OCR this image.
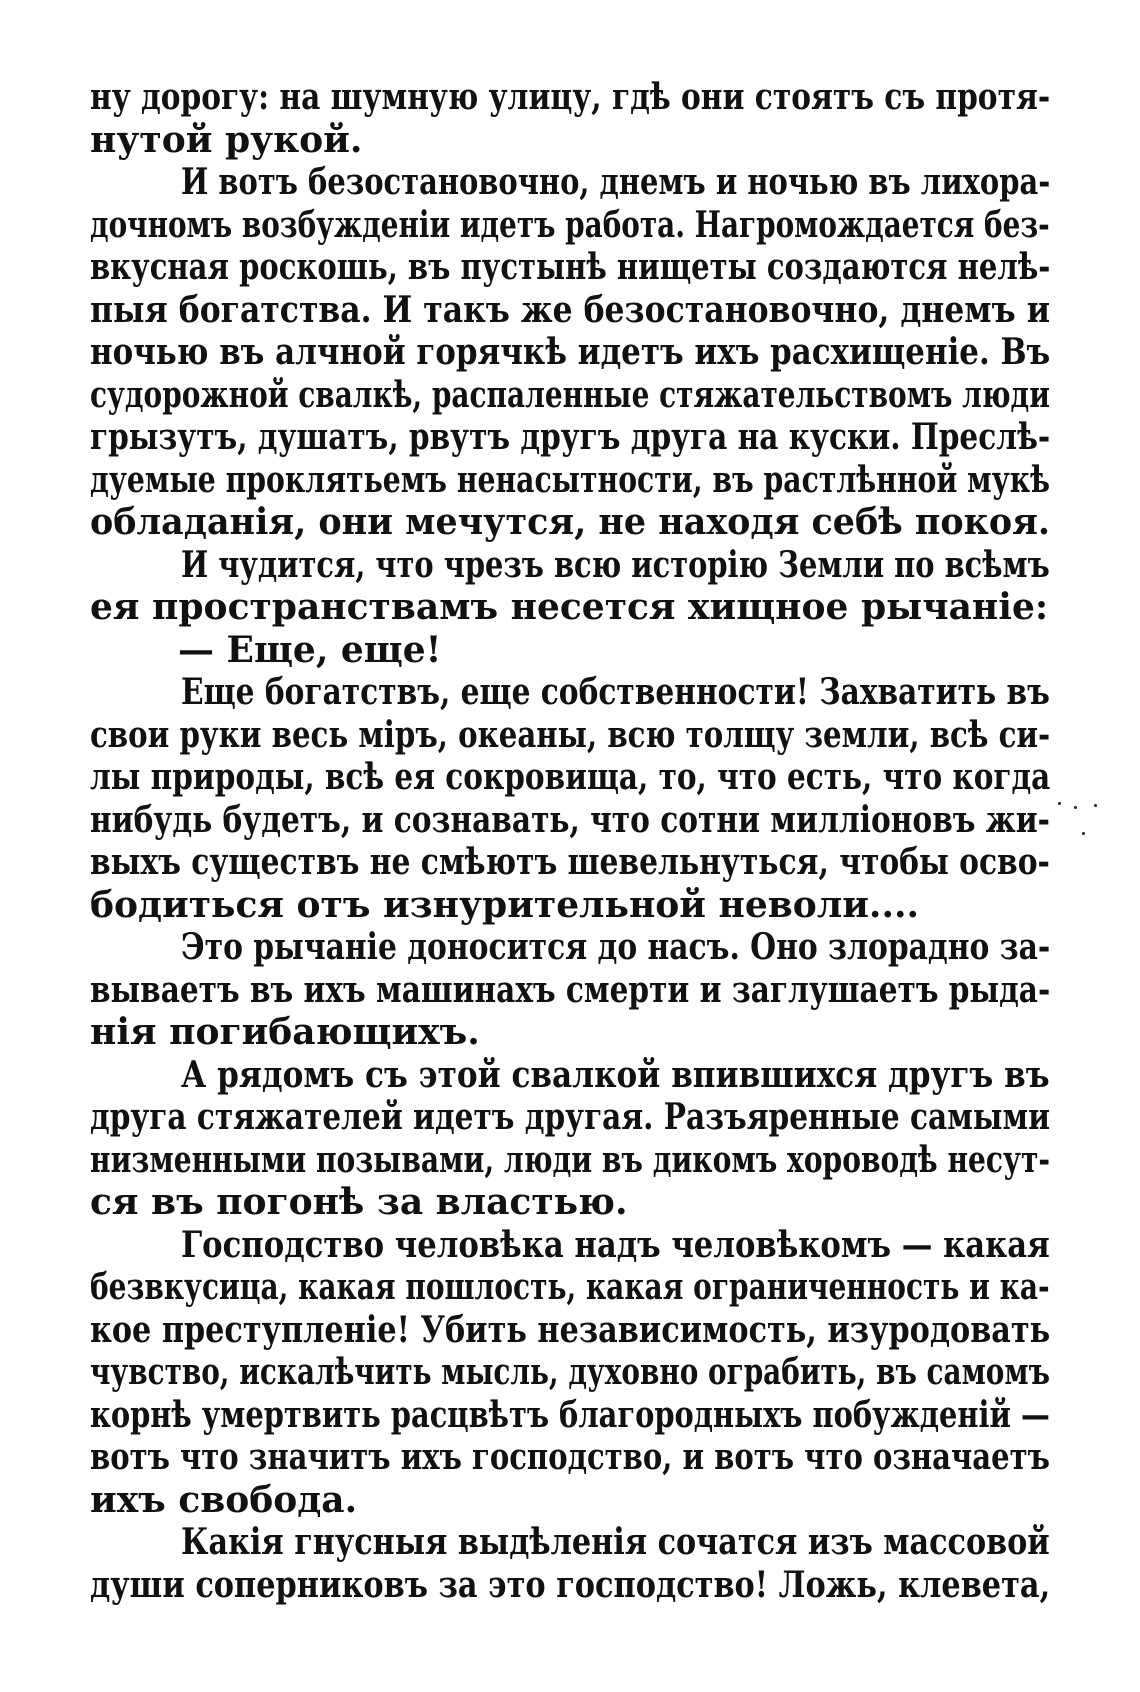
ну дорогу: на шумную улицу, гдѣ они стоятъ съ протя-
нутой рукой.
И вотъ безостановочно, днемъ и ночью въ лихора-
дочномъ возбужденіи идетъ работа. Нагромождается без-
вкусная роскошь, въ пустынѣ нищеты создаются нелѣ-
пыя богатства. И такъ же безостановочно, днемъ и
ночью въ алчной горячкѣ идетъ ихъ расхищеніе. Въ
судорожной свалкѣ, распаленные стяжательствомъ люди
грызутъ, душатъ, рвутъ другъ друга на куски. Преслѣ-
дуемые проклятьемъ ненасытности, въ растлѣнной мукѣ
обладанія, они мечутся, не находя себѣ покоя.
И чудится, что чрезъ всю исторію Земли по всѣмъ
ея пространствамъ несется хищное рычаніе:
— Еще, еще!
Еще богатствъ, еще собственности! Захватить въ
свои руки весь міръ, океаны, всю толщу земли, всѣ си-
лы природы, всѣ ея сокровища, то, что есть, что когда
нибудь будетъ, и сознавать, что сотни милліоновъ жи-
выхъ существъ не смѣютъ шевельнуться, чтобы осво-
бодиться отъ изнурительной неволи....
Это рычаніе доносится до насъ. Оно злорадно за-
вываетъ въ ихъ машинахъ смерти и заглушаетъ рыда-
нія погибающихъ.
А рядомъ съ этой свалкой впившихся другъ въ
друга стяжателей идетъ другая. Разъяренные самыми
низменными позывами, люди въ дикомъ хороводѣ несут-
ся въ погонѣ за властью.
Господство человѣка надъ человѣкомъ — какая
безвкусица, какая пошлость, какая ограниченность и ка-
кое преступленіе! Убить независимость, изуродовать
чувство, искалѣчить мысль, духовно ограбить, въ самомъ
корнѣ умертвить расцвѣтъ благородныхъ побужденій —
вотъ что значитъ ихъ господство, и вотъ что означаетъ
ихъ свобода.
Какія гнусныя выдѣленія сочатся изъ массовой
души соперниковъ за это господство! Ложь, клевета,
